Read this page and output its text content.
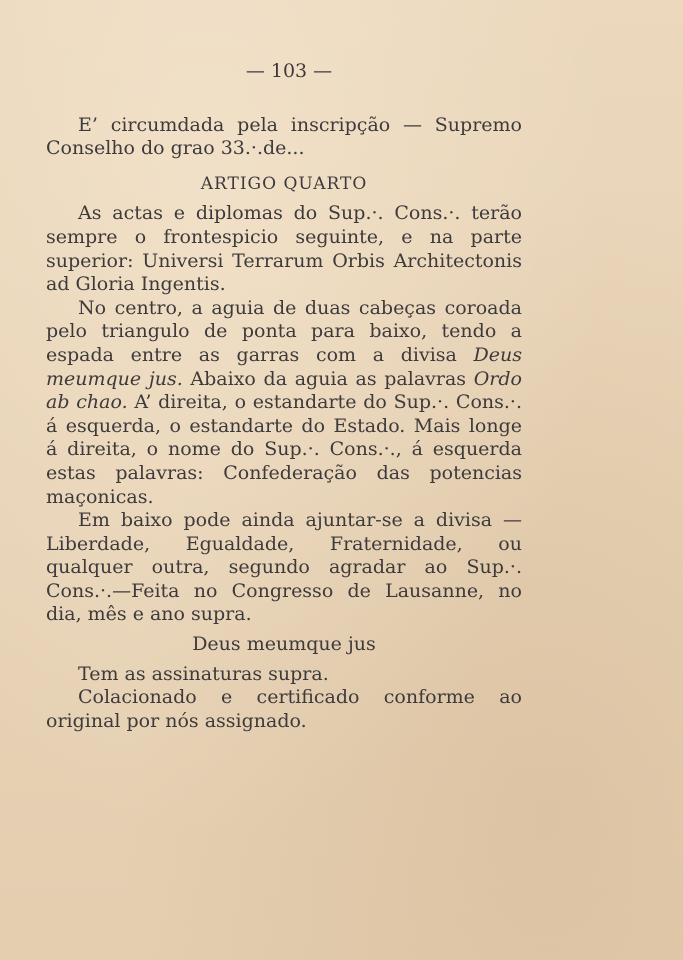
— 103 —

E’ circumdada pela inscripção — Supremo Conselho do grao 33.·.de...

ARTIGO QUARTO

As actas e diplomas do Sup.·. Cons.·. terão sempre o frontespicio seguinte, e na parte superior: Universi Terrarum Orbis Architectonis ad Gloria Ingentis.

No centro, a aguia de duas cabeças coroada pelo triangulo de ponta para baixo, tendo a espada entre as garras com a divisa Deus meumque jus. Abaixo da aguia as palavras Ordo ab chao. A’ direita, o estandarte do Sup.·. Cons.·. á esquerda, o estandarte do Estado. Mais longe á direita, o nome do Sup.·. Cons.·., á esquerda estas palavras: Confederação das potencias maçonicas.

Em baixo pode ainda ajuntar-se a divisa — Liberdade, Egualdade, Fraternidade, ou qualquer outra, segundo agradar ao Sup.·. Cons.·.—Feita no Congresso de Lausanne, no dia, mês e ano supra.

Deus meumque jus

Tem as assinaturas supra.

Colacionado e certificado conforme ao original por nós assignado.
